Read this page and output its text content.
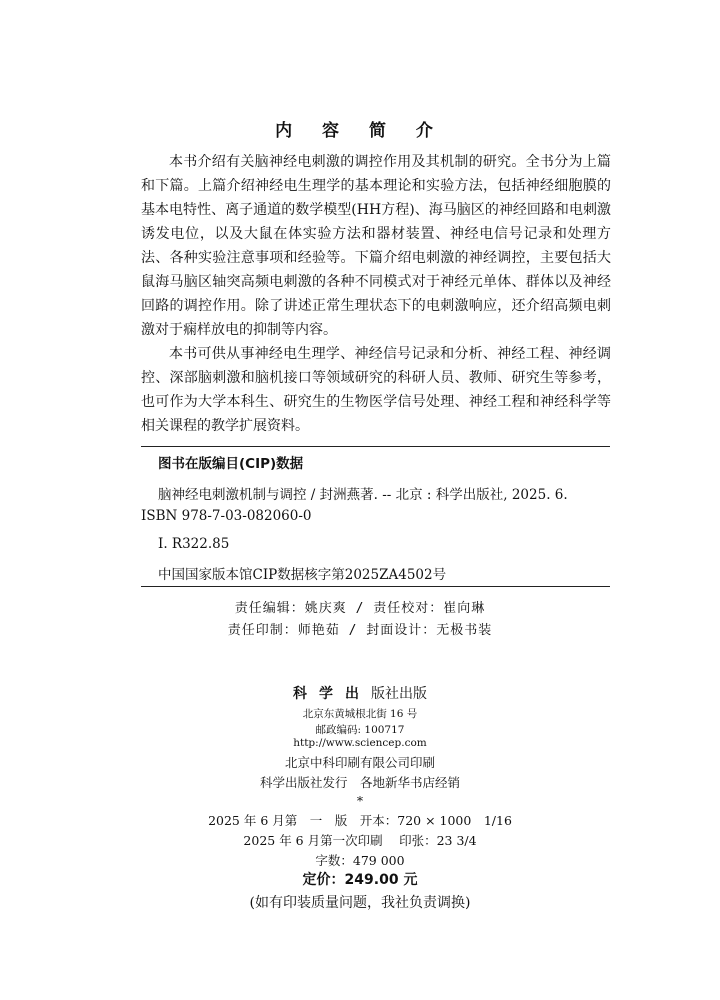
内 容 简 介

本书介绍有关脑神经电刺激的调控作用及其机制的研究。全书分为上篇和下篇。上篇介绍神经电生理学的基本理论和实验方法，包括神经细胞膜的基本电特性、离子通道的数学模型(HH方程)、海马脑区的神经回路和电刺激诱发电位，以及大鼠在体实验方法和器材装置、神经电信号记录和处理方法、各种实验注意事项和经验等。下篇介绍电刺激的神经调控，主要包括大鼠海马脑区轴突高频电刺激的各种不同模式对于神经元单体、群体以及神经回路的调控作用。除了讲述正常生理状态下的电刺激响应，还介绍高频电刺激对于痫样放电的抑制等内容。

本书可供从事神经电生理学、神经信号记录和分析、神经工程、神经调控、深部脑刺激和脑机接口等领域研究的科研人员、教师、研究生等参考，也可作为大学本科生、研究生的生物医学信号处理、神经工程和神经科学等相关课程的教学扩展资料。

图书在版编目(CIP)数据
脑神经电刺激机制与调控 / 封洲燕著. -- 北京 : 科学出版社, 2025. 6.
ISBN 978-7-03-082060-0
Ⅰ. R322.85
中国国家版本馆CIP数据核字第2025ZA4502号
责任编辑：姚庆爽 / 责任校对：崔向琳
责任印制：师艳茹 / 封面设计：无极书装
科学出版社出版
北京东黄城根北街 16 号
邮政编码: 100717
http://www.sciencep.com
北京中科印刷有限公司印刷
科学出版社发行　各地新华书店经销
*
2025 年 6 月第　一　版　开本：720 × 1000　1/16
2025 年 6 月第一次印刷　 印张：23 3/4
字数：479 000
定价：249.00 元
(如有印装质量问题，我社负责调换)
